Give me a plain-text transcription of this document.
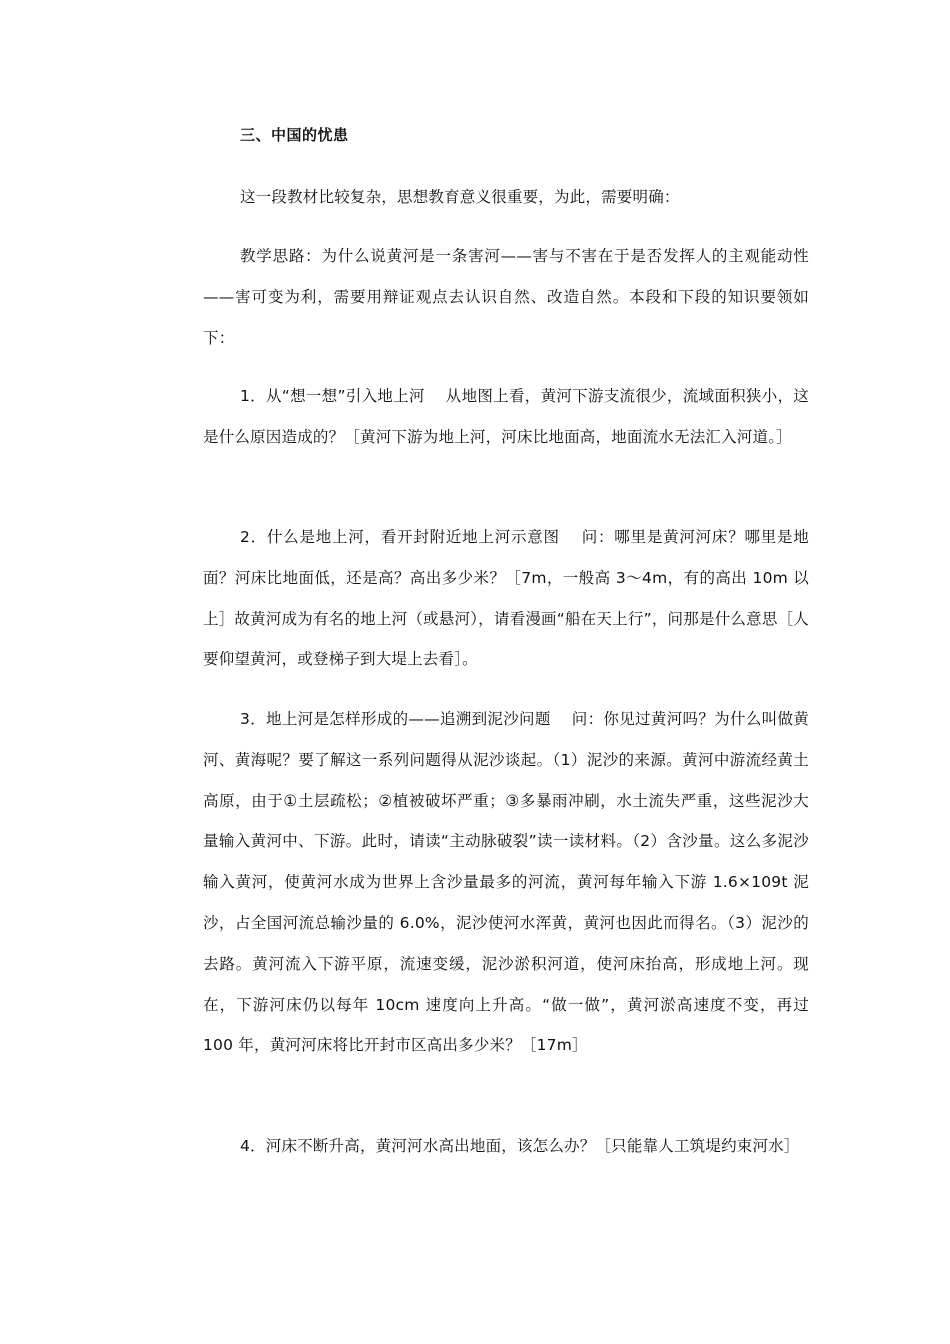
三、中国的忧患

这一段教材比较复杂，思想教育意义很重要，为此，需要明确：

教学思路：为什么说黄河是一条害河——害与不害在于是否发挥人的主观能动性——害可变为利，需要用辩证观点去认识自然、改造自然。本段和下段的知识要领如下：

1．从“想一想”引入地上河　 从地图上看，黄河下游支流很少，流域面积狭小，这是什么原因造成的？［黄河下游为地上河，河床比地面高，地面流水无法汇入河道。］

2．什么是地上河，看开封附近地上河示意图　 问：哪里是黄河河床？哪里是地面？河床比地面低，还是高？高出多少米？［7m，一般高 3～4m，有的高出 10m 以上］故黄河成为有名的地上河（或悬河），请看漫画“船在天上行”，问那是什么意思［人要仰望黄河，或登梯子到大堤上去看］。

3．地上河是怎样形成的——追溯到泥沙问题　 问：你见过黄河吗？为什么叫做黄河、黄海呢？要了解这一系列问题得从泥沙谈起。（1）泥沙的来源。黄河中游流经黄土高原，由于①土层疏松；②植被破坏严重；③多暴雨冲刷，水土流失严重，这些泥沙大量输入黄河中、下游。此时，请读“主动脉破裂”读一读材料。（2）含沙量。这么多泥沙输入黄河，使黄河水成为世界上含沙量最多的河流，黄河每年输入下游 1.6×109t 泥沙，占全国河流总输沙量的 6.0%，泥沙使河水浑黄，黄河也因此而得名。（3）泥沙的去路。黄河流入下游平原，流速变缓，泥沙淤积河道，使河床抬高，形成地上河。现在，下游河床仍以每年 10cm 速度向上升高。“做一做”，黄河淤高速度不变，再过 100 年，黄河河床将比开封市区高出多少米？［17m］

4．河床不断升高，黄河河水高出地面，该怎么办？［只能靠人工筑堤约束河水］
